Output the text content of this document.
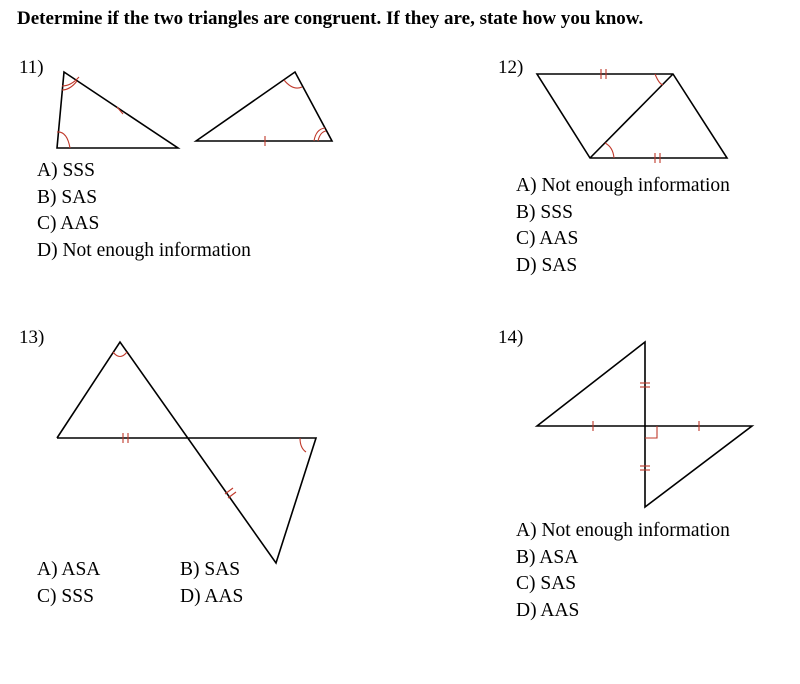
Determine if the two triangles are congruent. If they are, state how you know.
11)
A) SSS
B) SAS
C) AAS
D) Not enough information
12)
A) Not enough information
B) SSS
C) AAS
D) SAS
13)
A) ASA
C) SSS
B) SAS
D) AAS
14)
A) Not enough information
B) ASA
C) SAS
D) AAS
